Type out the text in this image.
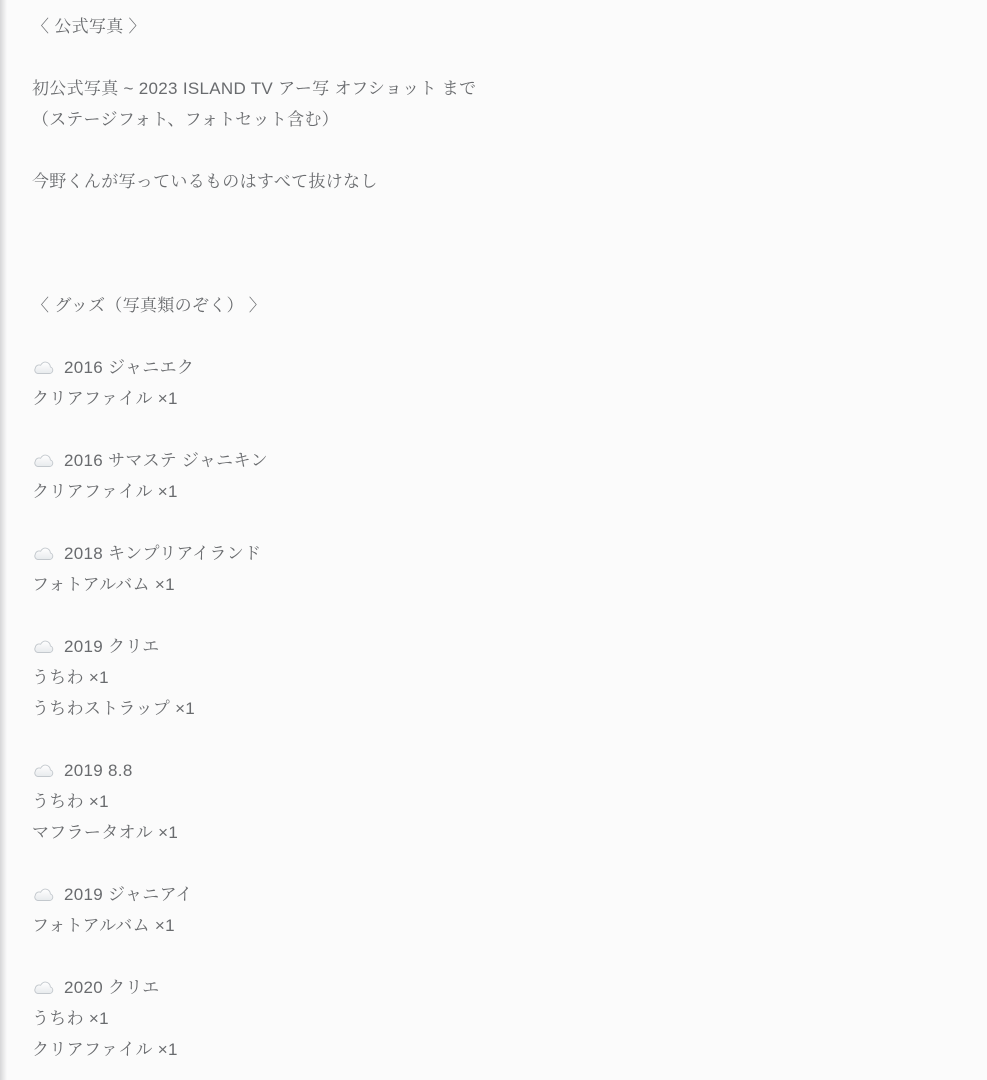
〈 公式写真 〉

初公式写真 ~ 2023 ISLAND TV アー写 オフショット まで

（ステージフォト、フォトセット含む）

今野くんが写っているものはすべて抜けなし

〈 グッズ（写真類のぞく） 〉

2016 ジャニエク

クリアファイル ×1

2016 サマステ ジャニキン

クリアファイル ×1

2018 キンプリアイランド

フォトアルバム ×1

2019 クリエ

うちわ ×1

うちわストラップ ×1

2019 8.8

うちわ ×1

マフラータオル ×1

2019 ジャニアイ

フォトアルバム ×1

2020 クリエ

うちわ ×1

クリアファイル ×1
